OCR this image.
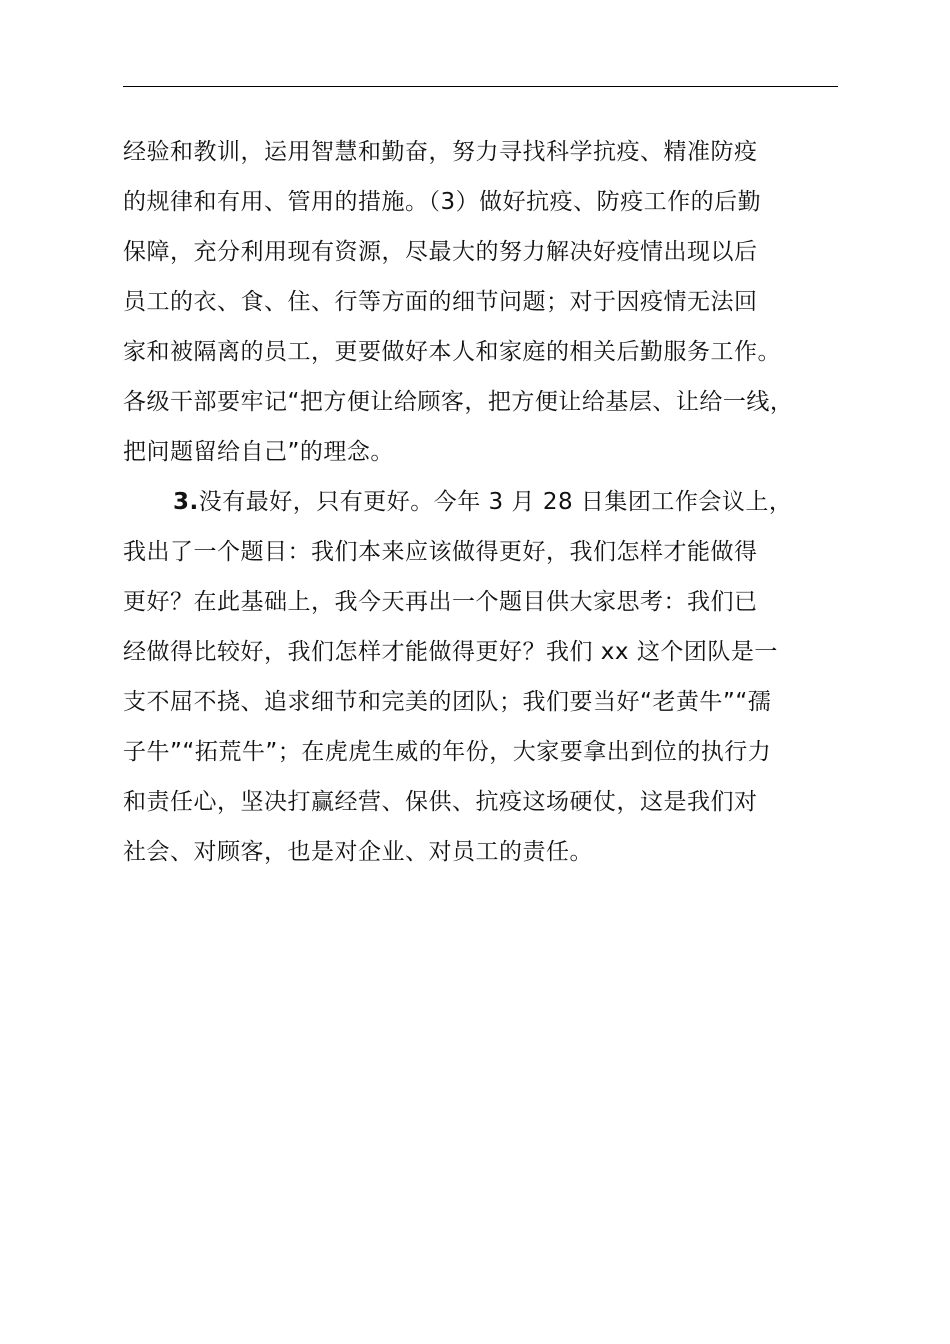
经验和教训，运用智慧和勤奋，努力寻找科学抗疫、精准防疫
的规律和有用、管用的措施。（3）做好抗疫、防疫工作的后勤
保障，充分利用现有资源，尽最大的努力解决好疫情出现以后
员工的衣、食、住、行等方面的细节问题；对于因疫情无法回
家和被隔离的员工，更要做好本人和家庭的相关后勤服务工作。
各级干部要牢记“把方便让给顾客，把方便让给基层、让给一线，
把问题留给自己”的理念。
3.没有最好，只有更好。今年 3 月 28 日集团工作会议上，
我出了一个题目：我们本来应该做得更好，我们怎样才能做得
更好？在此基础上，我今天再出一个题目供大家思考：我们已
经做得比较好，我们怎样才能做得更好？我们 xx 这个团队是一
支不屈不挠、追求细节和完美的团队；我们要当好“老黄牛”“孺
子牛”“拓荒牛”；在虎虎生威的年份，大家要拿出到位的执行力
和责任心，坚决打赢经营、保供、抗疫这场硬仗，这是我们对
社会、对顾客，也是对企业、对员工的责任。
